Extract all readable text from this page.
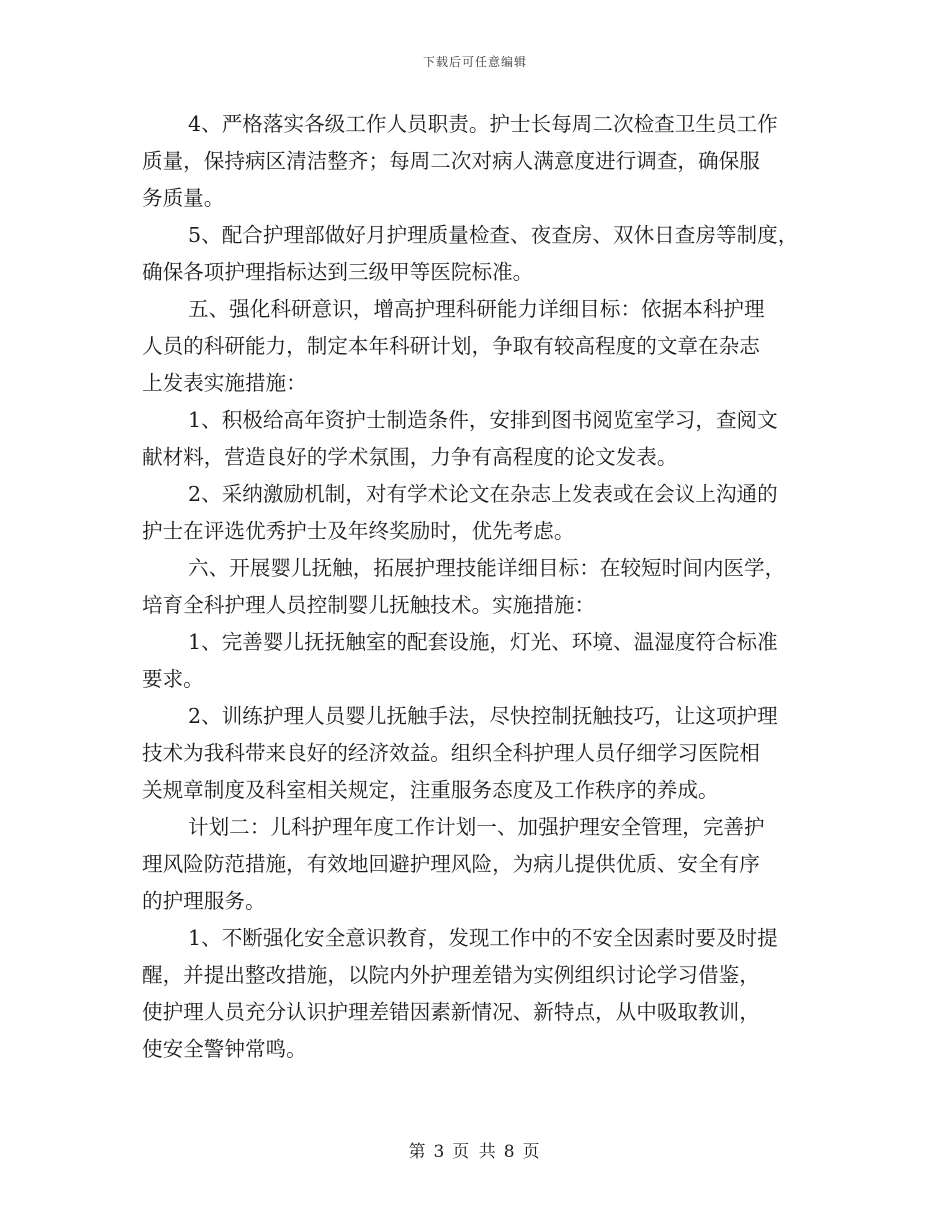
下载后可任意编辑
4、严格落实各级工作人员职责。护士长每周二次检查卫生员工作
质量，保持病区清洁整齐；每周二次对病人满意度进行调查，确保服
务质量。
5、配合护理部做好月护理质量检查、夜查房、双休日查房等制度，
确保各项护理指标达到三级甲等医院标准。
五、强化科研意识，增高护理科研能力详细目标：依据本科护理
人员的科研能力，制定本年科研计划，争取有较高程度的文章在杂志
上发表实施措施：
1、积极给高年资护士制造条件，安排到图书阅览室学习，查阅文
献材料，营造良好的学术氛围，力争有高程度的论文发表。
2、采纳激励机制，对有学术论文在杂志上发表或在会议上沟通的
护士在评选优秀护士及年终奖励时，优先考虑。
六、开展婴儿抚触，拓展护理技能详细目标：在较短时间内医学，
培育全科护理人员控制婴儿抚触技术。实施措施：
1、完善婴儿抚抚触室的配套设施，灯光、环境、温湿度符合标准
要求。
2、训练护理人员婴儿抚触手法，尽快控制抚触技巧，让这项护理
技术为我科带来良好的经济效益。组织全科护理人员仔细学习医院相
关规章制度及科室相关规定，注重服务态度及工作秩序的养成。
计划二：儿科护理年度工作计划一、加强护理安全管理，完善护
理风险防范措施，有效地回避护理风险，为病儿提供优质、安全有序
的护理服务。
1、不断强化安全意识教育，发现工作中的不安全因素时要及时提
醒，并提出整改措施，以院内外护理差错为实例组织讨论学习借鉴，
使护理人员充分认识护理差错因素新情况、新特点，从中吸取教训，
使安全警钟常鸣。
第 3 页 共 8 页
